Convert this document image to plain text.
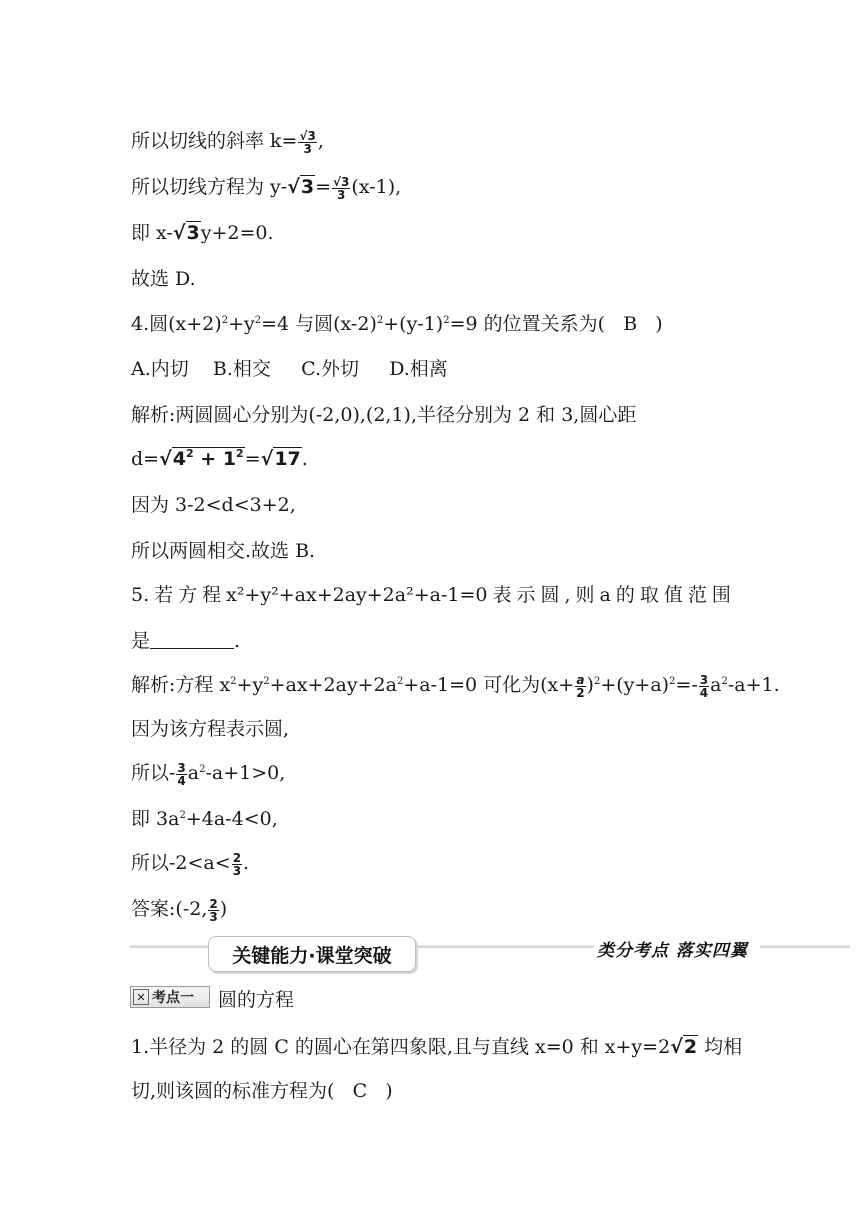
所以切线的斜率 $k= \frac{√3}{3}$ ,
所以切线方程为 $y-√3= \frac{√3}{3} (x-1)$,
即 x-√3y+2=0.
故选 D.
4.圆$(x+2)^2+y^2=4$ 与圆$(x-2)^2+(y-1)^2=9$ 的位置关系为(   B   )
A.内切    B.相交     C.外切     D.相离
解析:两圆圆心分别为(-2,0),(2,1),半径分别为 2 和 3,圆心距
$d=√4^2 + 1^2=√17$.
因为 3-2<d<3+2,
所以两圆相交.故选 B.
5. 若 方 程 x²+y²+ax+2ay+2a²+a-1=0 表 示 圆 , 则 a 的 取 值 范 围
是	.
解析:方程 $x^2+y^2+ax+2ay+2a^2+a-1=0$ 可化为$(x+ \frac{a}{2} )^2+(y+a)^2=- \frac{3}{4} a^2-a+1$.
因为该方程表示圆,
所以- $\frac{3}{4} a^2-a+1>0$,
即 $3a^2+4a-4<0$,
所以$-2<a< \frac{2}{3}$ .
答案:(-2, $\frac{2}{3}$ )
关键能力·课堂突破	类分考点 落实四翼
✕ 考点一 圆的方程
1.半径为 2 的圆 C 的圆心在第四象限,且与直线 x=0 和 x+y=2√2 均相
切,则该圆的标准方程为(   C   )
